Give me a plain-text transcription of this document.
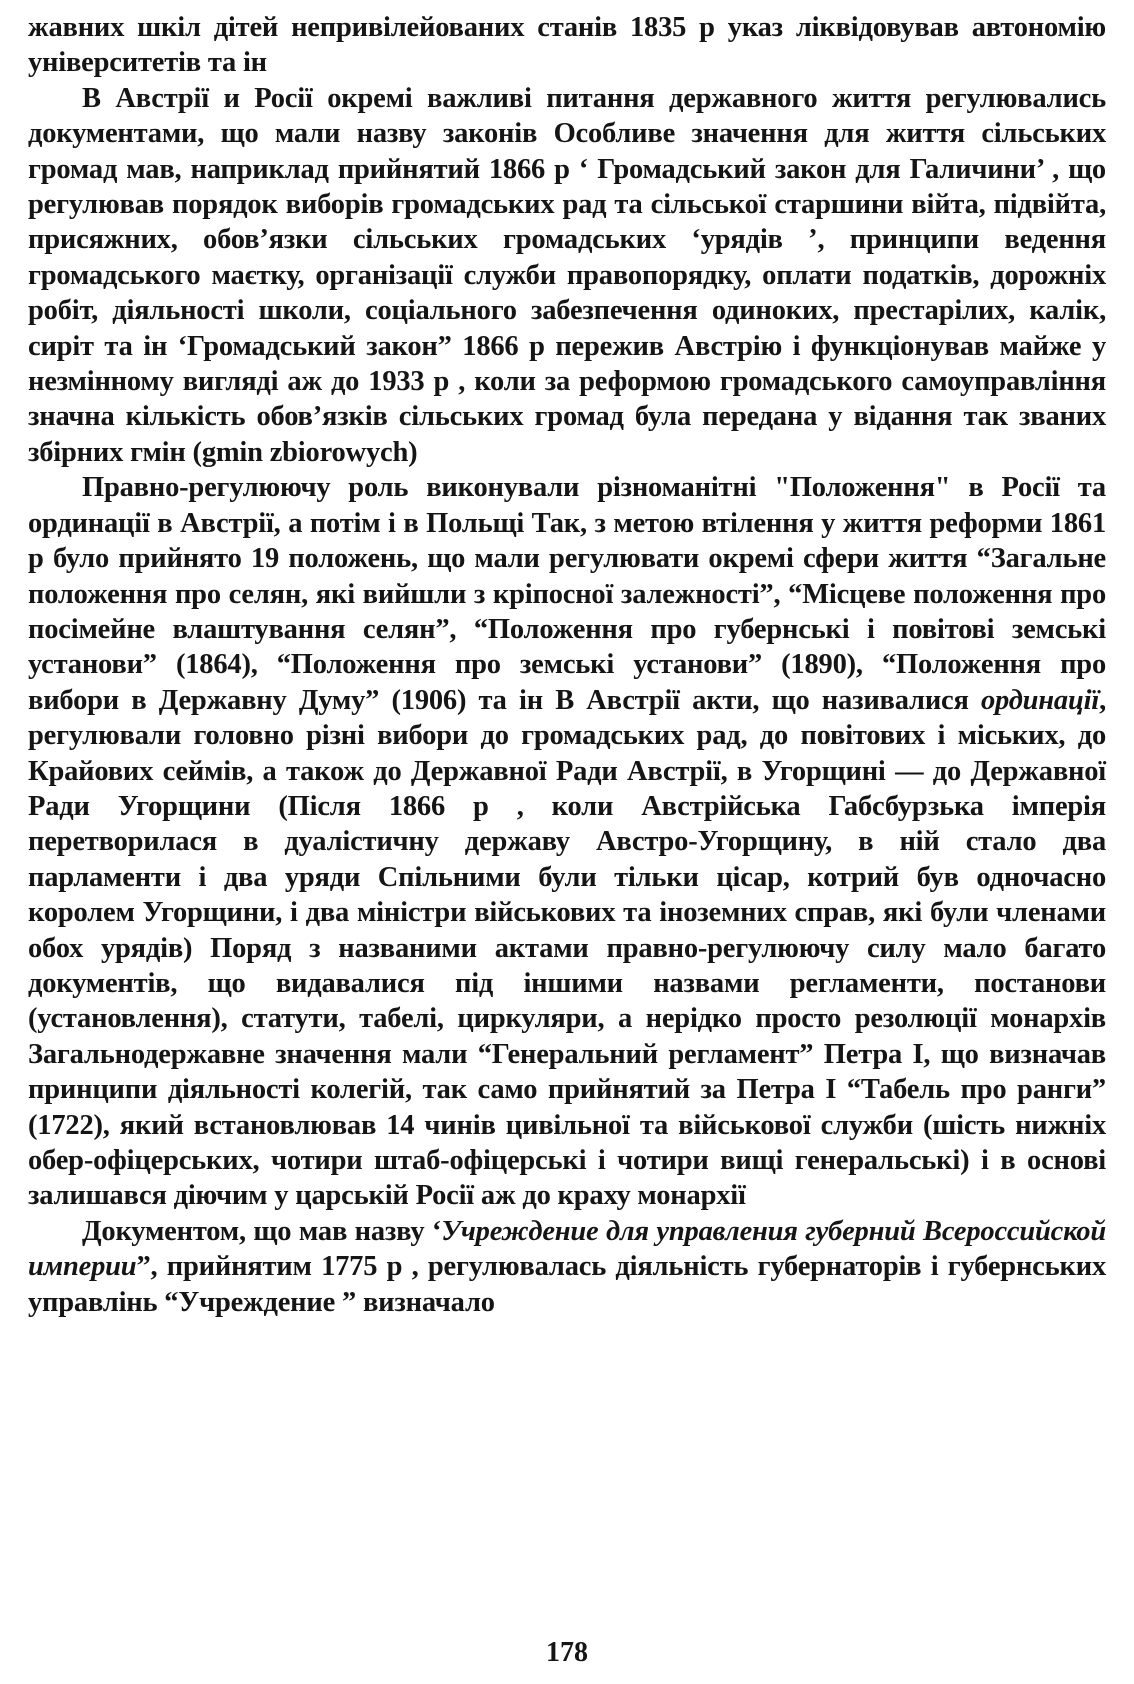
жавних шкіл дітей непривілейованих станів 1835 р указ ліквідовував автономію університетів та ін

В Австрії и Росії окремі важливі питання державного життя регулювались документами, що мали назву законів Особливе значення для життя сільських громад мав, наприклад прийнятий 1866 р ‘ Громадський закон для Галичини’ , що регулював порядок виборів громадських рад та сільської старшини війта, підвійта, присяжних, обов’язки сільських громадських ‘урядів ’, принципи ведення громадського маєтку, організації служби правопорядку, оплати податків, дорожніх робіт, діяльності школи, соціального забезпечення одиноких, престарілих, калік, сиріт та ін ‘Громадський закон” 1866 р пережив Австрію і функціонував майже у незмінному вигляді аж до 1933 р , коли за реформою громадського самоуправління значна кількість обов’язків сільських громад була передана у відання так званих збірних гмін (gmin zbiorowych)

Правно-регулюючу роль виконували різноманітні "Положення" в Росії та ординації в Австрії, а потім і в Польщі Так, з метою втілення у життя реформи 1861 р було прийнято 19 положень, що мали регулювати окремі сфери життя “Загальне положення про селян, які вийшли з кріпосної залежності”, “Місцеве положення про посімейне влаштування селян”, “Положення про губернські і повітові земські установи” (1864), “Положення про земські установи” (1890), “Положення про вибори в Державну Думу” (1906) та ін В Австрії акти, що називалися ординації, регулювали головно різні вибори до громадських рад, до повітових і міських, до Крайових сеймів, а також до Державної Ради Австрії, в Угорщині — до Державної Ради Угорщини (Після 1866 р , коли Австрійська Габсбурзька імперія перетворилася в дуалістичну державу Австро-Угорщину, в ній стало два парламенти і два уряди Спільними були тільки цісар, котрий був одночасно королем Угорщини, і два міністри військових та іноземних справ, які були членами обох урядів) Поряд з названими актами правно-регулюючу силу мало багато документів, що видавалися під іншими назвами регламенти, постанови (установлення), статути, табелі, циркуляри, а нерідко просто резолюції монархів Загальнодержавне значення мали “Генеральний регламент” Петра І, що визначав принципи діяльності колегій, так само прийнятий за Петра І “Табель про ранги” (1722), який встановлював 14 чинів цивільної та військової служби (шість нижніх обер-офіцерських, чотири штаб-офіцерські і чотири вищі генеральські) і в основі залишався діючим у царській Росії аж до краху монархії

Документом, що мав назву ‘Учреждение для управления губерний Всероссийской империи”, прийнятим 1775 р , регулювалась діяльність губернаторів і губернських управлінь “Учреждение ” визначало

178
